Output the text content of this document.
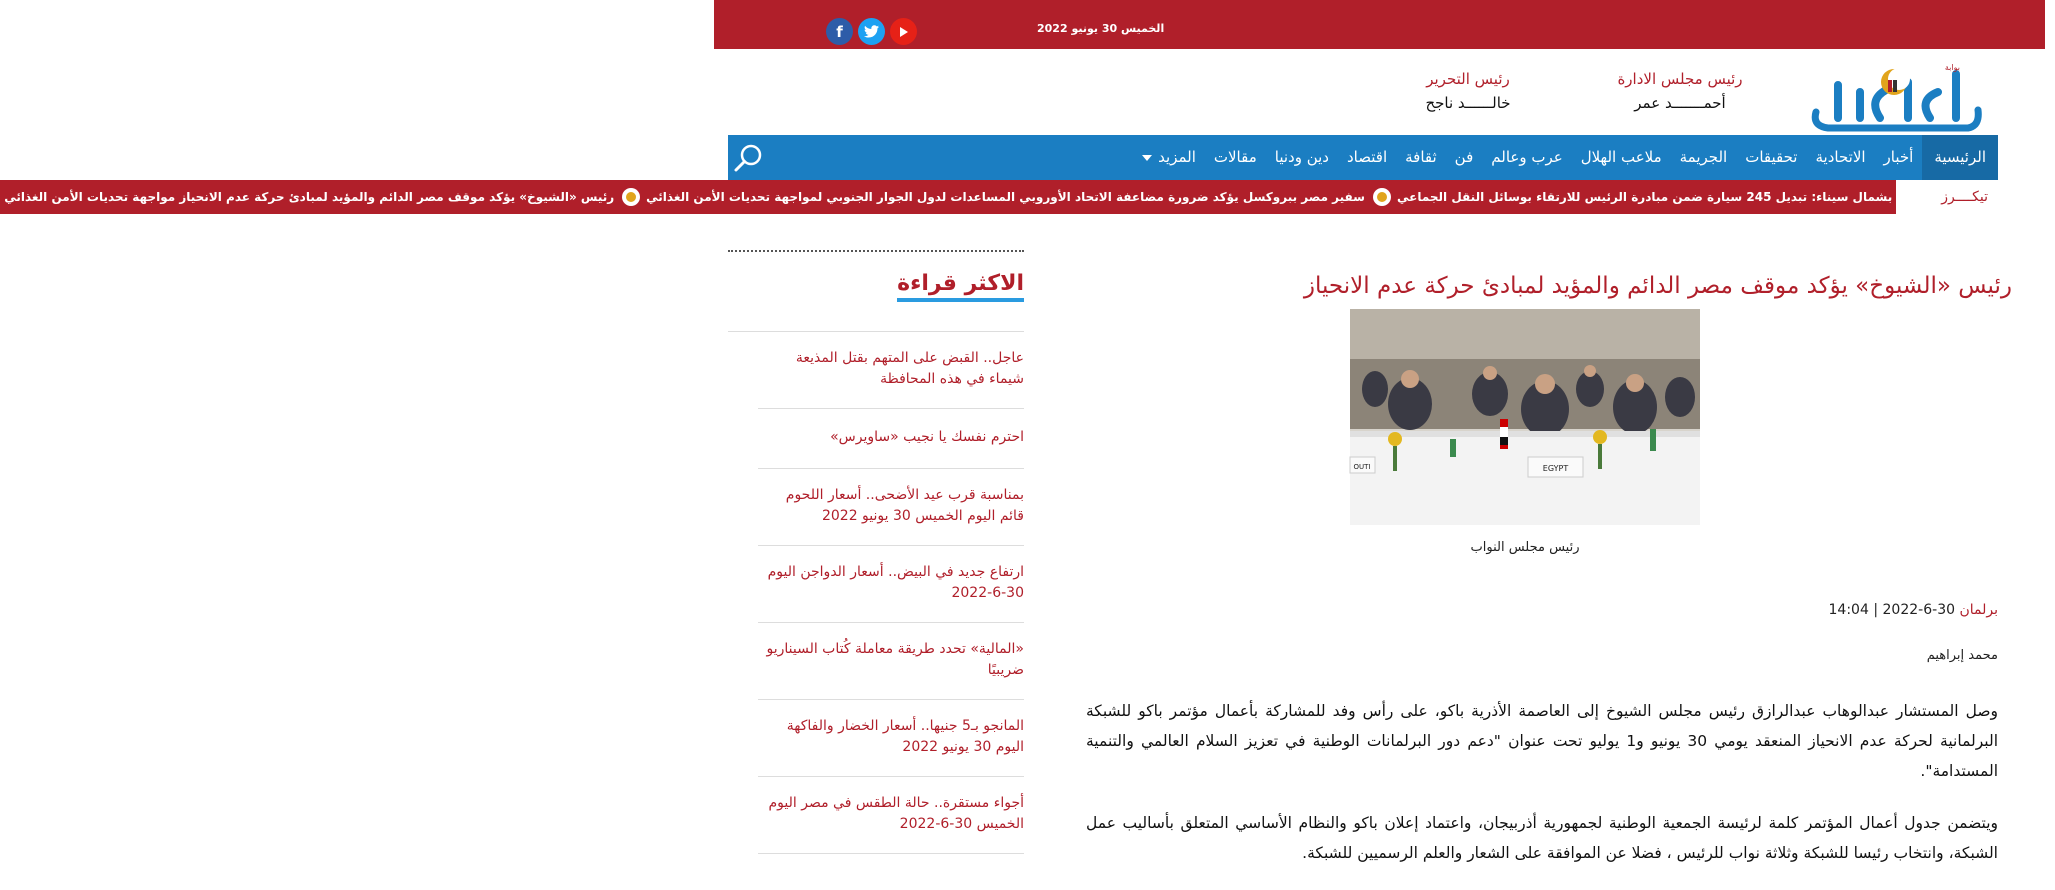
الخميس 30 يونيو 2022
f
بوابة
رئيس مجلس الادارة
أحمـــــــد عمر
رئيس التحرير
خالــــــد ناجح
الرئيسية
أخبار
الاتحادية
تحقيقات
الجريمة
ملاعب الهلال
عرب وعالم
فن
ثقافة
اقتصاد
دين ودنيا
مقالات
المزيد
تيكــــرز
بشمال سيناء: تبديل 245 سيارة ضمن مبادرة الرئيس للارتقاء بوسائل النقل الجماعي
سفير مصر ببروكسل يؤكد ضرورة مضاعفة الاتحاد الأوروبي المساعدات لدول الجوار الجنوبي لمواجهة تحديات الأمن الغذائي
رئيس «الشيوخ» يؤكد موقف مصر الدائم والمؤيد لمبادئ حركة عدم الانحياز مواجهة تحديات الأمن الغذائي
الاكثر قراءة
عاجل.. القبض على المتهم بقتل المذيعة شيماء في هذه المحافظة
احترم نفسك يا نجيب «ساويرس»
بمناسبة قرب عيد الأضحى.. أسعار اللحوم قائم اليوم الخميس 30 يونيو 2022
ارتفاع جديد في البيض.. أسعار الدواجن اليوم 30-6-2022
«المالية» تحدد طريقة معاملة كُتاب السيناريو ضريبيًا
المانجو بـ5 جنيها.. أسعار الخضار والفاكهة اليوم 30 يونيو 2022
أجواء مستقرة.. حالة الطقس في مصر اليوم الخميس 30-6-2022
رئيس «الشيوخ» يؤكد موقف مصر الدائم والمؤيد لمبادئ حركة عدم الانحياز
EGYPT
OUTI
رئيس مجلس النواب
برلمان 30-6-2022 | 14:04
محمد إبراهيم

وصل المستشار عبدالوهاب عبدالرازق رئيس مجلس الشيوخ إلى العاصمة الأذرية باكو، على رأس وفد للمشاركة بأعمال مؤتمر باكو للشبكة البرلمانية لحركة عدم الانحياز المنعقد يومي 30 يونيو و1 يوليو تحت عنوان "دعم دور البرلمانات الوطنية في تعزيز السلام العالمي والتنمية المستدامة".

ويتضمن جدول أعمال المؤتمر كلمة لرئيسة الجمعية الوطنية لجمهورية أذربيجان، واعتماد إعلان باكو والنظام الأساسي المتعلق بأساليب عمل الشبكة، وانتخاب رئيسا للشبكة وثلاثة نواب للرئيس ، فضلا عن الموافقة على الشعار والعلم الرسميين للشبكة.
